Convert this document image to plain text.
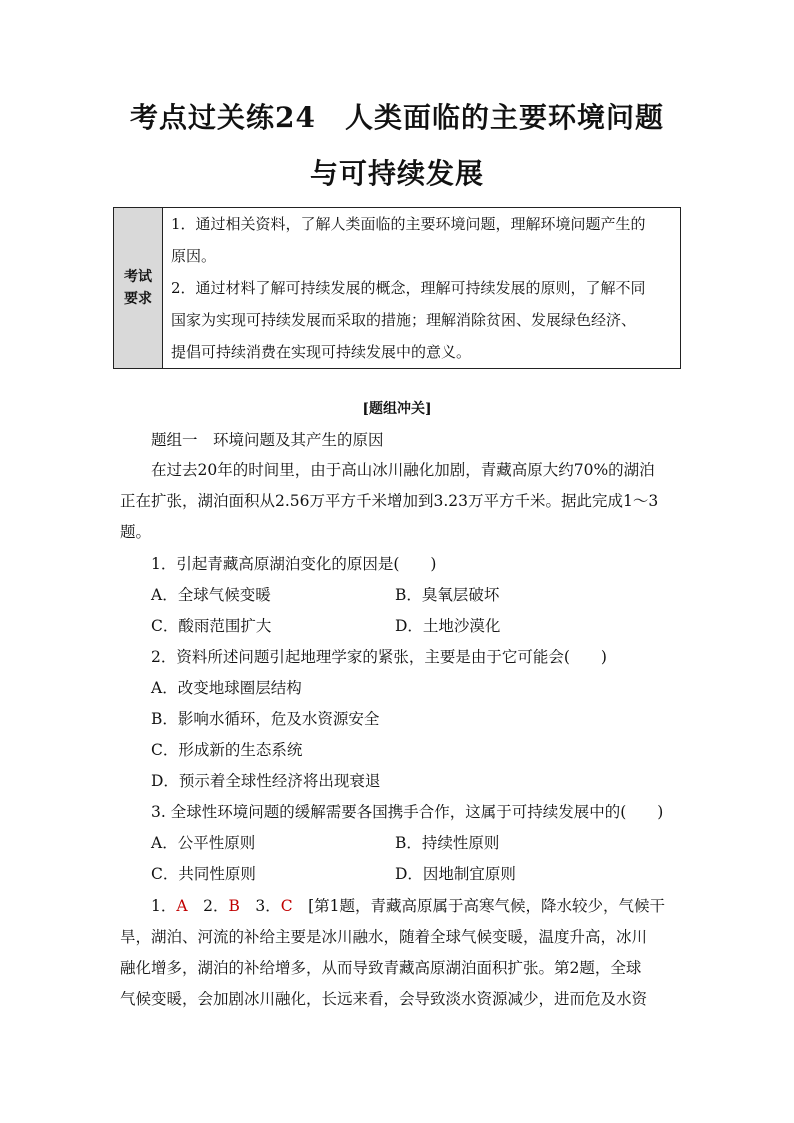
考点过关练24　人类面临的主要环境问题
与可持续发展
考试
要求

1．通过相关资料，了解人类面临的主要环境问题，理解环境问题产生的
原因。
2．通过材料了解可持续发展的概念，理解可持续发展的原则，了解不同
国家为实现可持续发展而采取的措施；理解消除贫困、发展绿色经济、
提倡可持续消费在实现可持续发展中的意义。
[题组冲关]
题组一　环境问题及其产生的原因
在过去20年的时间里，由于高山冰川融化加剧，青藏高原大约70%的湖泊
正在扩张，湖泊面积从2.56万平方千米增加到3.23万平方千米。据此完成1～3
题。
1．引起青藏高原湖泊变化的原因是(　　)
A．全球气候变暖	B．臭氧层破坏
C．酸雨范围扩大	D．土地沙漠化
2．资料所述问题引起地理学家的紧张，主要是由于它可能会(　　)
A．改变地球圈层结构
B．影响水循环，危及水资源安全
C．形成新的生态系统
D．预示着全球性经济将出现衰退
3. 全球性环境问题的缓解需要各国携手合作，这属于可持续发展中的(　　)
A．公平性原则	B．持续性原则
C．共同性原则	D．因地制宜原则
1．A　2．B　3．C　[第1题，青藏高原属于高寒气候，降水较少，气候干
旱，湖泊、河流的补给主要是冰川融水，随着全球气候变暖，温度升高，冰川
融化增多，湖泊的补给增多，从而导致青藏高原湖泊面积扩张。第2题，全球
气候变暖，会加剧冰川融化，长远来看，会导致淡水资源减少，进而危及水资
